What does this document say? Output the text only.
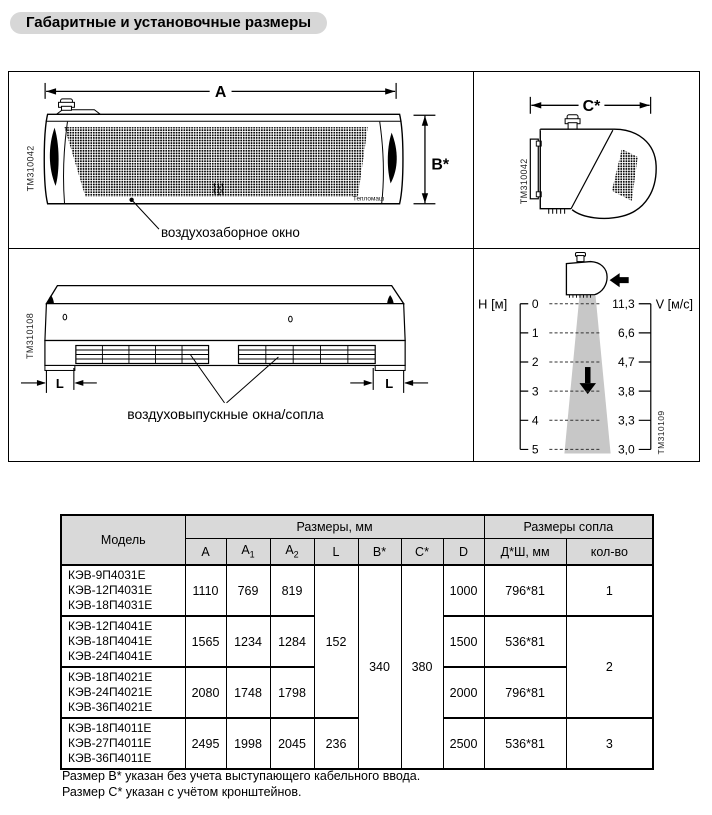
Габаритные и установочные размеры
A
Тепломаш
B*
воздухозаборное окно
TM310042
C*
TM310042
L	L
воздуховыпускные окна/сопла
TM310108
H [м] 0
1
2
3
4
5
11,3
6,6
4,7
3,8
3,3
3,0
V [м/с]
TM310109
Модель	Размеры, мм							Размеры сопла	
	A	$A_1$	$A_2$	L	B*	C*	D	Д*Ш, мм	кол-во

КЭВ-9П4031Е
КЭВ-12П4031Е
КЭВ-18П4031Е	1110	769	819	152	340	380	1000	796*81	1

КЭВ-12П4041Е
КЭВ-18П4041Е
КЭВ-24П4041Е	1565	1234	1284				1500	536*81	2

КЭВ-18П4021Е
КЭВ-24П4021Е
КЭВ-36П4021Е	2080	1748	1798				2000	796*81	

КЭВ-18П4011Е
КЭВ-27П4011Е
КЭВ-36П4011Е	2495	1998	2045	236			2500	536*81	3
Размер В* указан без учета выступающего кабельного ввода.
Размер С* указан с учётом кронштейнов.
